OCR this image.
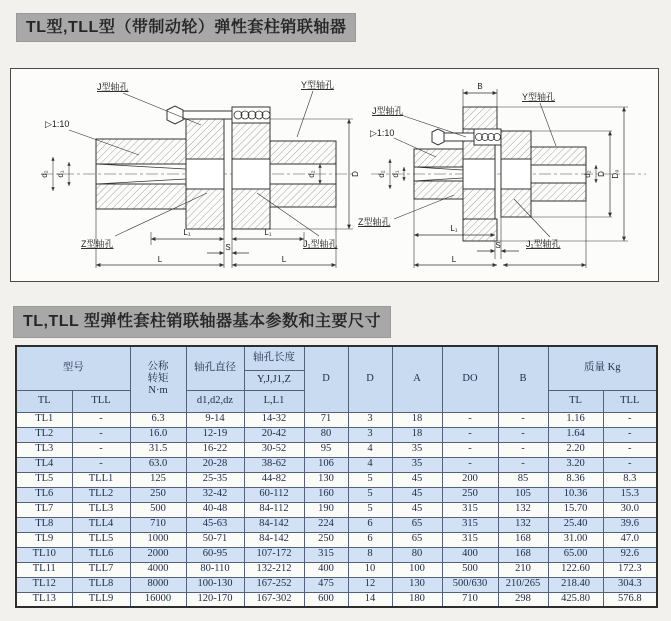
TL型,TLL型（带制动轮）弹性套柱销联轴器
J型轴孔
▷1:10
Y型轴孔
Z型轴孔	J₁型轴孔
d₂ d₁	d₂	D
L₁	L₁
S
L	L
B
J型轴孔
▷1:10
Y型轴孔
Z型轴孔
J₁型轴孔
d₂ d₁	d₂ D D₀
L₁
S
L
TL,TLL 型弹性套柱销联轴器基本参数和主要尺寸
型号		公称
转矩
N·m	轴孔直径	轴孔长度	D	D	A	DO	B	质量 Kg	
				Y,J,J1,Z							
TL	TLL		d1,d2,dz	L,L1						TL	TLL
TL1	-	6.3	9-14	14-32	71	3	18	-	-	1.16	-
TL2	-	16.0	12-19	20-42	80	3	18	-	-	1.64	-
TL3	-	31.5	16-22	30-52	95	4	35	-	-	2.20	-
TL4	-	63.0	20-28	38-62	106	4	35	-	-	3.20	-
TL5	TLL1	125	25-35	44-82	130	5	45	200	85	8.36	8.3
TL6	TLL2	250	32-42	60-112	160	5	45	250	105	10.36	15.3
TL7	TLL3	500	40-48	84-112	190	5	45	315	132	15.70	30.0
TL8	TLL4	710	45-63	84-142	224	6	65	315	132	25.40	39.6
TL9	TLL5	1000	50-71	84-142	250	6	65	315	168	31.00	47.0
TL10	TLL6	2000	60-95	107-172	315	8	80	400	168	65.00	92.6
TL11	TLL7	4000	80-110	132-212	400	10	100	500	210	122.60	172.3
TL12	TLL8	8000	100-130	167-252	475	12	130	500/630	210/265	218.40	304.3
TL13	TLL9	16000	120-170	167-302	600	14	180	710	298	425.80	576.8
